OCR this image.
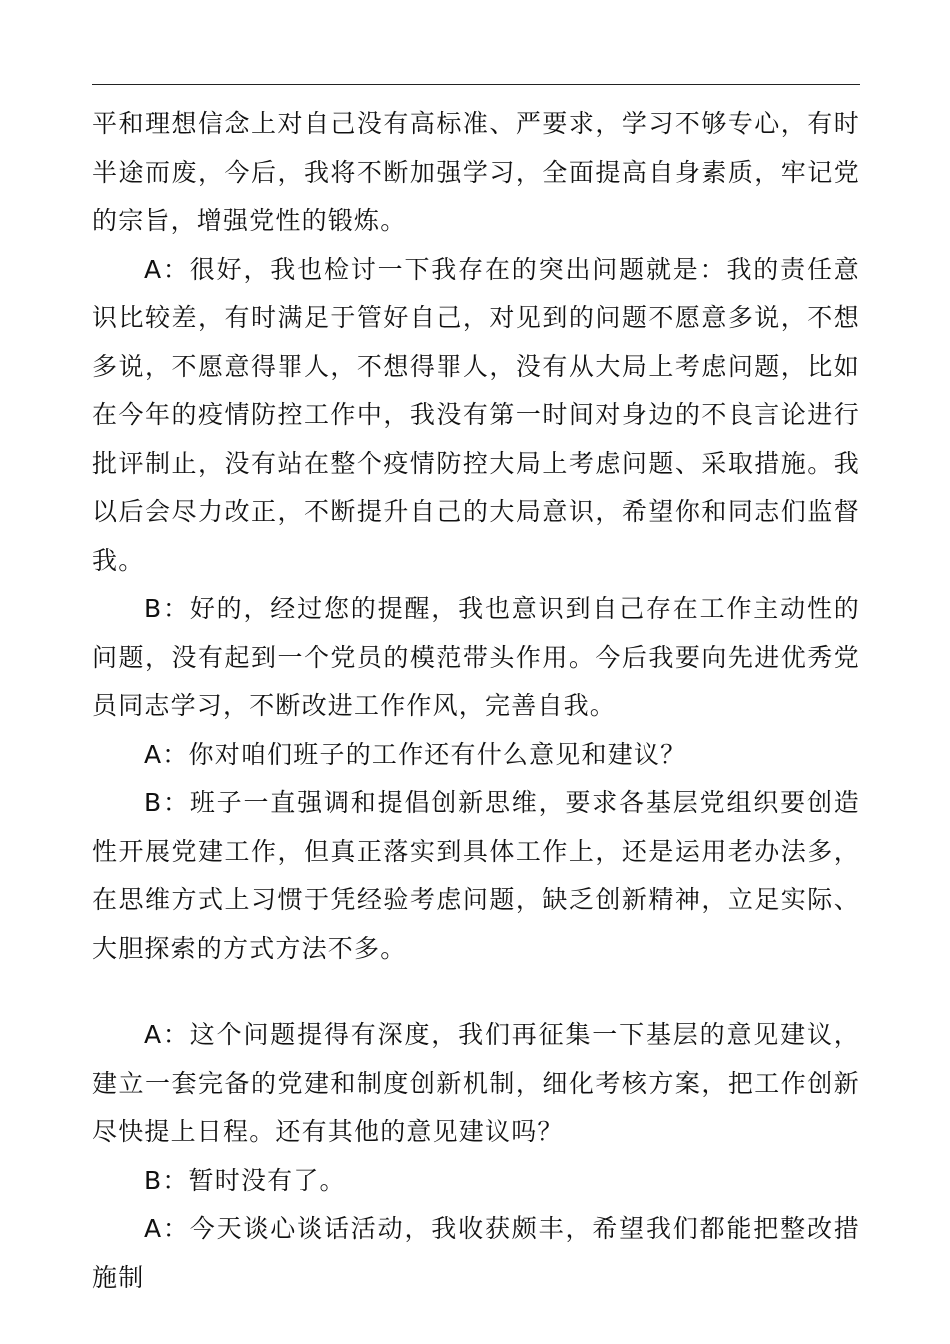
平和理想信念上对自己没有高标准、严要求，学习不够专心，有时半途而废，今后，我将不断加强学习，全面提高自身素质，牢记党的宗旨，增强党性的锻炼。

A：很好，我也检讨一下我存在的突出问题就是：我的责任意识比较差，有时满足于管好自己，对见到的问题不愿意多说，不想多说，不愿意得罪人，不想得罪人，没有从大局上考虑问题，比如在今年的疫情防控工作中，我没有第一时间对身边的不良言论进行批评制止，没有站在整个疫情防控大局上考虑问题、采取措施。我以后会尽力改正，不断提升自己的大局意识，希望你和同志们监督我。

B：好的，经过您的提醒，我也意识到自己存在工作主动性的问题，没有起到一个党员的模范带头作用。今后我要向先进优秀党员同志学习，不断改进工作作风，完善自我。

A：你对咱们班子的工作还有什么意见和建议？

B：班子一直强调和提倡创新思维，要求各基层党组织要创造性开展党建工作，但真正落实到具体工作上，还是运用老办法多，在思维方式上习惯于凭经验考虑问题，缺乏创新精神，立足实际、大胆探索的方式方法不多。

A：这个问题提得有深度，我们再征集一下基层的意见建议，建立一套完备的党建和制度创新机制，细化考核方案，把工作创新尽快提上日程。还有其他的意见建议吗？

B：暂时没有了。

A：今天谈心谈话活动，我收获颇丰，希望我们都能把整改措施制
